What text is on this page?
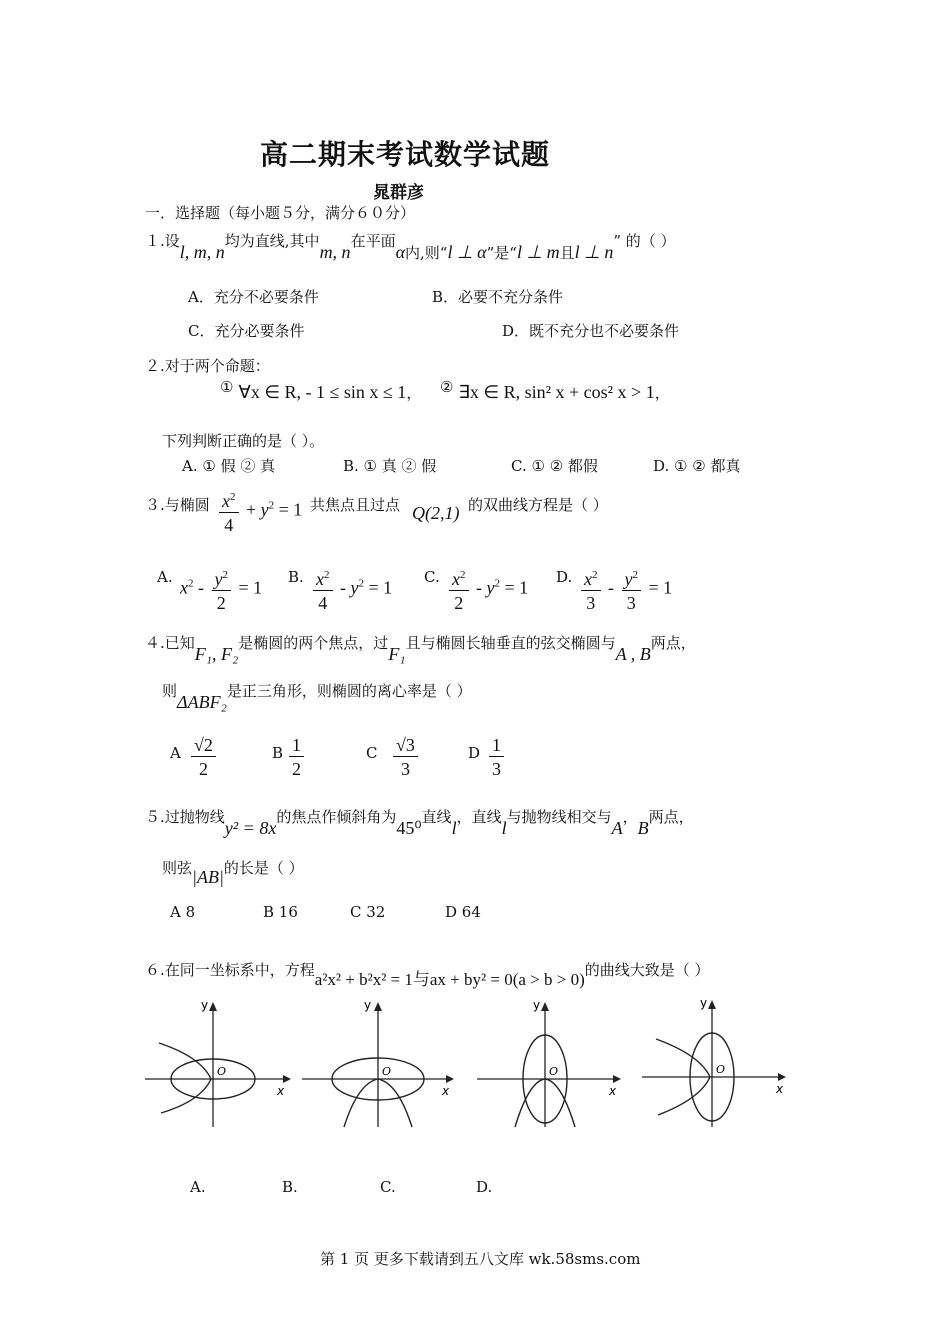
高二期末考试数学试题
晁群彦
一．选择题（每小题５分，满分６０分）
１.设l, m, n均为直线,其中m, n在平面α内,则“l ⊥ α”是“l ⊥ m且l ⊥ n” 的（ ）
A．充分不必要条件	B．必要不充分条件
C．充分必要条件	D．既不充分也不必要条件
２.对于两个命题：
① ∀x ∈ R, - 1 ≤ sin x ≤ 1， ② ∃x ∈ R, sin² x + cos² x > 1，
下列判断正确的是（ ）。
A. ① 假 ② 真	B. ① 真 ② 假	C. ① ② 都假	D. ① ② 都真
３.与椭圆 $\frac{x^2}{4} + y^2 = 1$ 共焦点且过点 Q(2,1) 的双曲线方程是（ ）
A.
$x^2 - \frac{y^2}{2} = 1$
B. $\frac{x^2}{4} - y^2 = 1$
C. $\frac{x^2}{2} - y^2 = 1$
D. $\frac{x^2}{3} - \frac{y^2}{3} = 1$
４.已知F₁, F₂是椭圆的两个焦点，过F₁且与椭圆长轴垂直的弦交椭圆与A , B两点，
则ΔABF₂是正三角形，则椭圆的离心率是（ ）
A $\frac{√2}{2}$	B $\frac{1}{2}$	C $\frac{√3}{3}$	D $\frac{1}{3}$
５.过抛物线y² = 8x的焦点作倾斜角为45⁰直线l，直线l与抛物线相交与A，B两点，
则弦|AB|的长是（ ）
A 8	B 16	C 32	D 64
６.在同一坐标系中，方程a²x² + b²x² = 1与ax + by² = 0(a > b > 0)的曲线大致是（ ）
y
x
O
y
x
O
y
x
O
y
x
O
A.	B.	C.	D.
第 1 页 更多下载请到五八文库 wk.58sms.com
